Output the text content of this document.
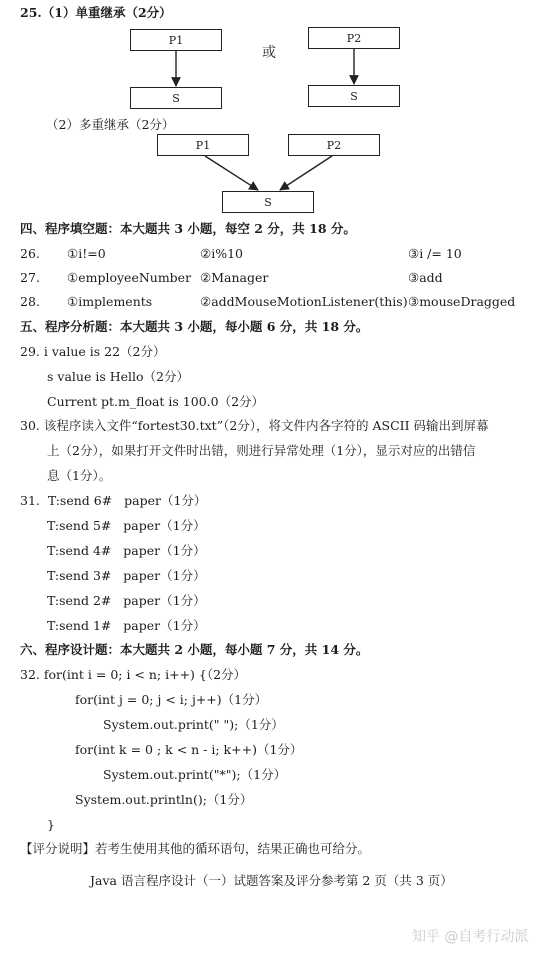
25.（1）单重继承（2分）
P1
S
或
P2
S
（2）多重继承（2分）
P1	P2
S
四、程序填空题：本大题共 3 小题，每空 2 分，共 18 分。
26. ①i!=0	②i%10	③i /= 10
27. ①employeeNumber ②Manager	③add
28. ①implements	②addMouseMotionListener(this) ③mouseDragged
五、程序分析题：本大题共 3 小题，每小题 6 分，共 18 分。
29. i value is 22（2分）
s value is Hello（2分）
Current pt.m_float is 100.0（2分）
30. 该程序读入文件“fortest30.txt”（2分），将文件内各字符的 ASCII 码输出到屏幕
上（2分），如果打开文件时出错，则进行异常处理（1分），显示对应的出错信
息（1分）。
31.  T:send 6#   paper（1分）
T:send 5#   paper（1分）
T:send 4#   paper（1分）
T:send 3#   paper（1分）
T:send 2#   paper（1分）
T:send 1#   paper（1分）
六、程序设计题：本大题共 2 小题，每小题 7 分，共 14 分。
32. for(int i = 0; i < n; i++) {（2分）
for(int j = 0; j < i; j++)（1分）
System.out.print(" ");（1分）
for(int k = 0 ; k < n - i; k++)（1分）
System.out.print("*");（1分）
System.out.println();（1分）
}
【评分说明】若考生使用其他的循环语句，结果正确也可给分。
Java 语言程序设计（一）试题答案及评分参考第 2 页（共 3 页）
知乎 @自考行动派
